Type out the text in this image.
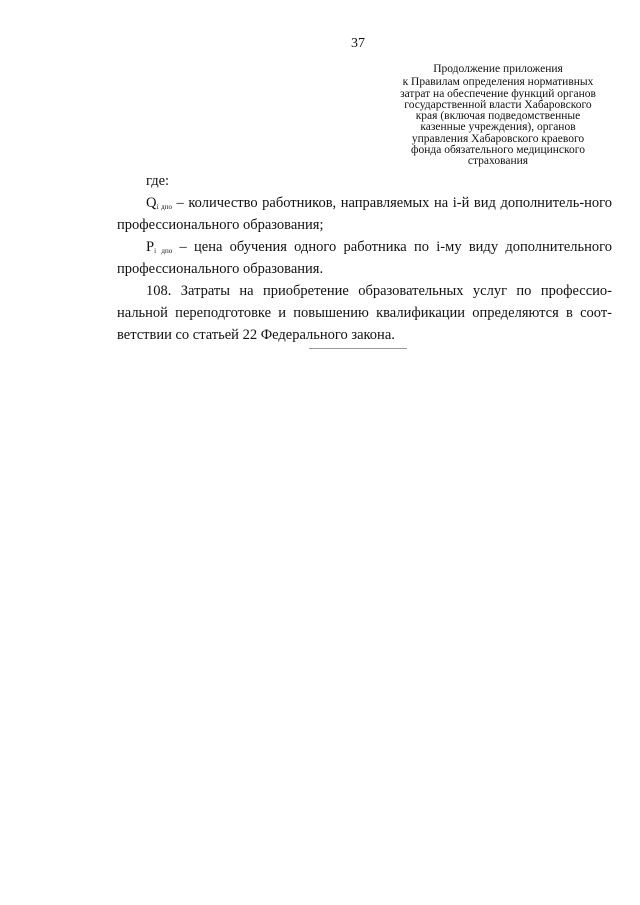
37
Продолжение приложения
к Правилам определения нормативных
затрат на обеспечение функций органов
государственной власти Хабаровского
края (включая подведомственные
казенные учреждения), органов
управления Хабаровского краевого
фонда обязательного медицинского
страхования

где:

$Q_{i дпо}$ – количество работников, направляемых на i-й вид дополнитель-ного профессионального образования;

$P_{i дпо}$ – цена обучения одного работника по i-му виду дополнительного профессионального образования.

108. Затраты на приобретение образовательных услуг по профессио-нальной переподготовке и повышению квалификации определяются в соот-ветствии со статьей 22 Федерального закона.
